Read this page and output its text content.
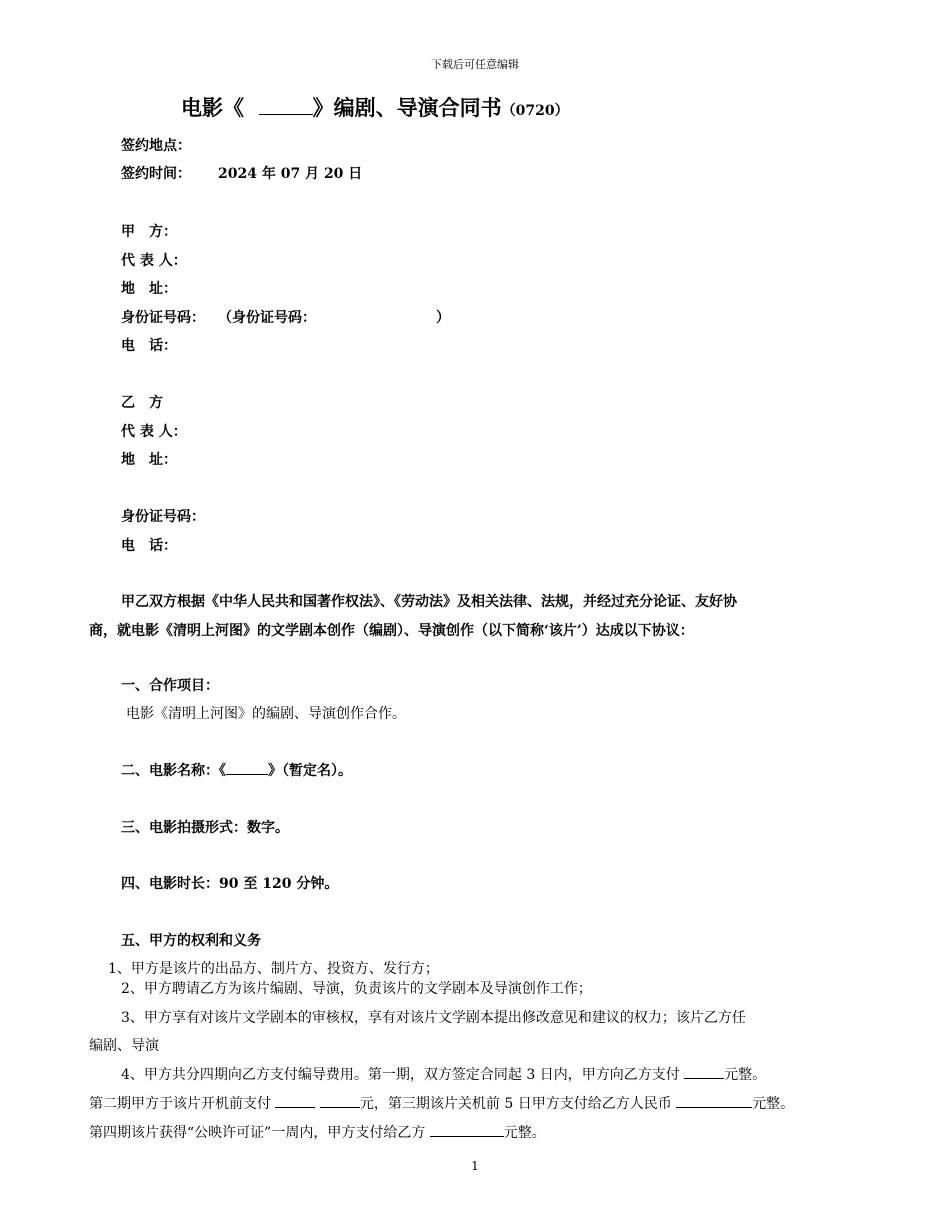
下载后可任意编辑
电影《	》编剧、导演合同书（0720）
签约地点：
签约时间： 2024 年 07 月 20 日
甲　方：
代 表 人：
地　址：
身份证号码： （身份证号码：	）
电　话：
乙　方
代 表 人：
地　址：
身份证号码：
电　话：
甲乙双方根据《中华人民共和国著作权法》、《劳动法》及相关法律、法规，并经过充分论证、友好协
商，就电影《清明上河图》的文学剧本创作（编剧）、导演创作（以下简称‘该片’）达成以下协议：
一、合作项目：
电影《清明上河图》的编剧、导演创作合作。
二、电影名称：《	》（暂定名）。
三、电影拍摄形式：数字。
四、电影时长：90 至 120 分钟。
五、甲方的权利和义务
1、甲方是该片的出品方、制片方、投资方、发行方；
2、甲方聘请乙方为该片编剧、导演，负责该片的文学剧本及导演创作工作；
3、甲方享有对该片文学剧本的审核权，享有对该片文学剧本提出修改意见和建议的权力；该片乙方任
编剧、导演
4、甲方共分四期向乙方支付编导费用。第一期，双方签定合同起 3 日内，甲方向乙方支付	元整。
第二期甲方于该片开机前支付	元，第三期该片关机前 5 日甲方支付给乙方人民币	元整。
第四期该片获得“公映许可证”一周内，甲方支付给乙方	元整。
1
